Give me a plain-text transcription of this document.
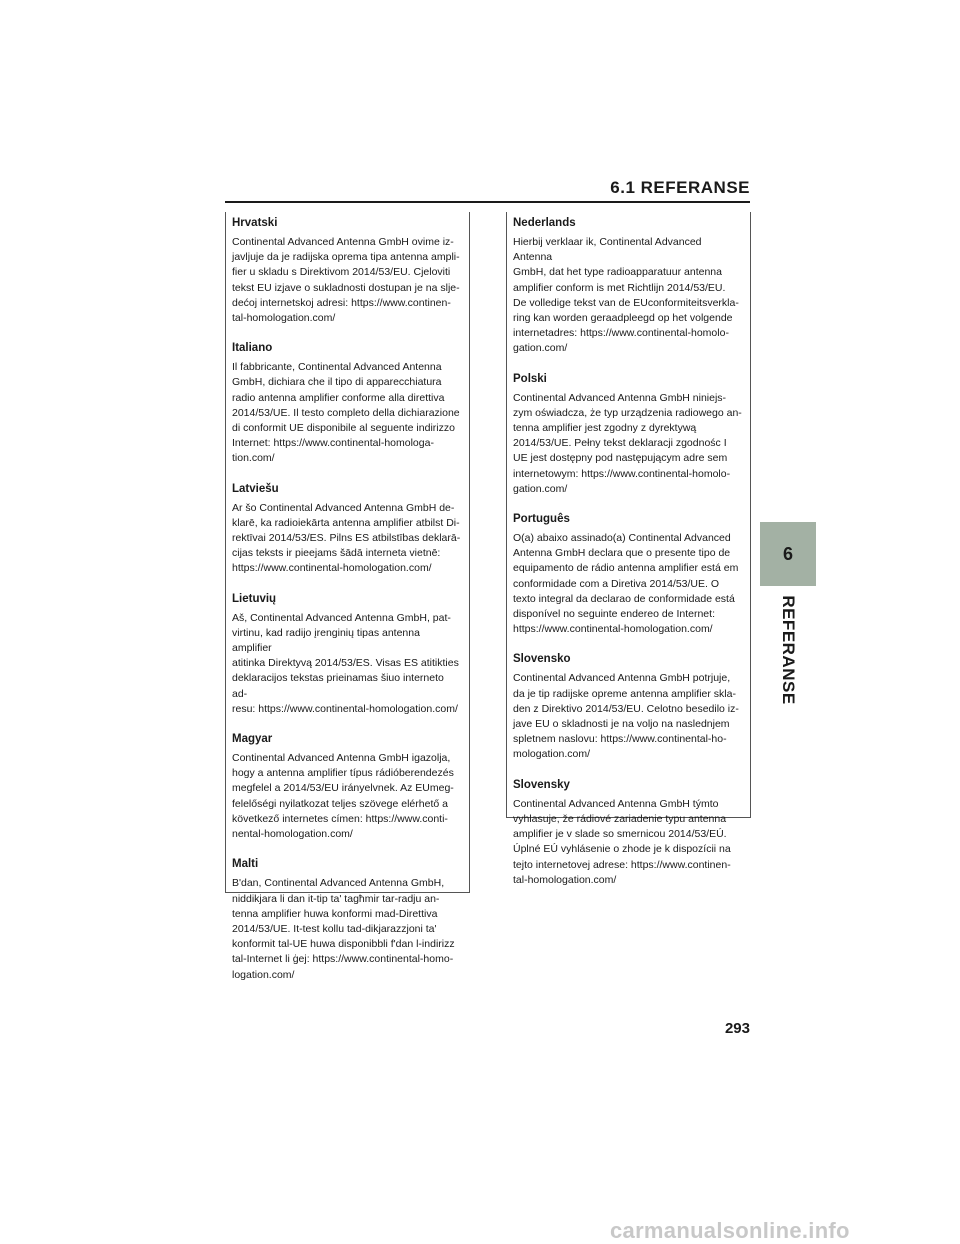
6.1 REFERANSE
Hrvatski

Continental Advanced Antenna GmbH ovime iz-
javljuje da je radijska oprema tipa antenna ampli-
fier u skladu s Direktivom 2014/53/EU. Cjeloviti
tekst EU izjave o sukladnosti dostupan je na slje-
dećoj internetskoj adresi: https://www.continen-
tal-homologation.com/

Italiano

Il fabbricante, Continental Advanced Antenna
GmbH, dichiara che il tipo di apparecchiatura
radio antenna amplifier conforme alla direttiva
2014/53/UE. Il testo completo della dichiarazione
di conformit UE disponibile al seguente indirizzo
Internet: https://www.continental-homologa-
tion.com/

Latviešu

Ar šo Continental Advanced Antenna GmbH de-
klarē, ka radioiekārta antenna amplifier atbilst Di-
rektīvai 2014/53/ES. Pilns ES atbilstības deklarā-
cijas teksts ir pieejams šādā interneta vietnē:
https://www.continental-homologation.com/

Lietuvių

Aš, Continental Advanced Antenna GmbH, pat-
virtinu, kad radijo įrenginių tipas antenna amplifier
atitinka Direktyvą 2014/53/ES. Visas ES atitikties
deklaracijos tekstas prieinamas šiuo interneto ad-
resu: https://www.continental-homologation.com/

Magyar

Continental Advanced Antenna GmbH igazolja,
hogy a antenna amplifier típus rádióberendezés
megfelel a 2014/53/EU irányelvnek. Az EUmeg-
felelőségi nyilatkozat teljes szövege elérhető a
következő internetes címen: https://www.conti-
nental-homologation.com/

Malti

B'dan, Continental Advanced Antenna GmbH,
niddikjara li dan it-tip ta' tagħmir tar-radju an-
tenna amplifier huwa konformi mad-Direttiva
2014/53/UE. It-test kollu tad-dikjarazzjoni ta'
konformit tal-UE huwa disponibbli f'dan l-indirizz
tal-Internet li ġej: https://www.continental-homo-
logation.com/

Nederlands

Hierbij verklaar ik, Continental Advanced Antenna
GmbH, dat het type radioapparatuur antenna
amplifier conform is met Richtlijn 2014/53/EU.
De volledige tekst van de EUconformiteitsverkla-
ring kan worden geraadpleegd op het volgende
internetadres: https://www.continental-homolo-
gation.com/

Polski

Continental Advanced Antenna GmbH niniejs-
zym oświadcza, że typ urządzenia radiowego an-
tenna amplifier jest zgodny z dyrektywą
2014/53/UE. Pełny tekst deklaracji zgodnośc I
UE jest dostępny pod następującym adre sem
internetowym: https://www.continental-homolo-
gation.com/

Português

O(a) abaixo assinado(a) Continental Advanced
Antenna GmbH declara que o presente tipo de
equipamento de rádio antenna amplifier está em
conformidade com a Diretiva 2014/53/UE. O
texto integral da declarao de conformidade está
disponível no seguinte endereo de Internet:
https://www.continental-homologation.com/

Slovensko

Continental Advanced Antenna GmbH potrjuje,
da je tip radijske opreme antenna amplifier skla-
den z Direktivo 2014/53/EU. Celotno besedilo iz-
jave EU o skladnosti je na voljo na naslednjem
spletnem naslovu: https://www.continental-ho-
mologation.com/

Slovensky

Continental Advanced Antenna GmbH týmto
vyhlasuje, že rádiové zariadenie typu antenna
amplifier je v slade so smernicou 2014/53/EÚ.
Úplné EÚ vyhlásenie o zhode je k dispozícii na
tejto internetovej adrese: https://www.continen-
tal-homologation.com/

6
REFERANSE
293
carmanualsonline.info
